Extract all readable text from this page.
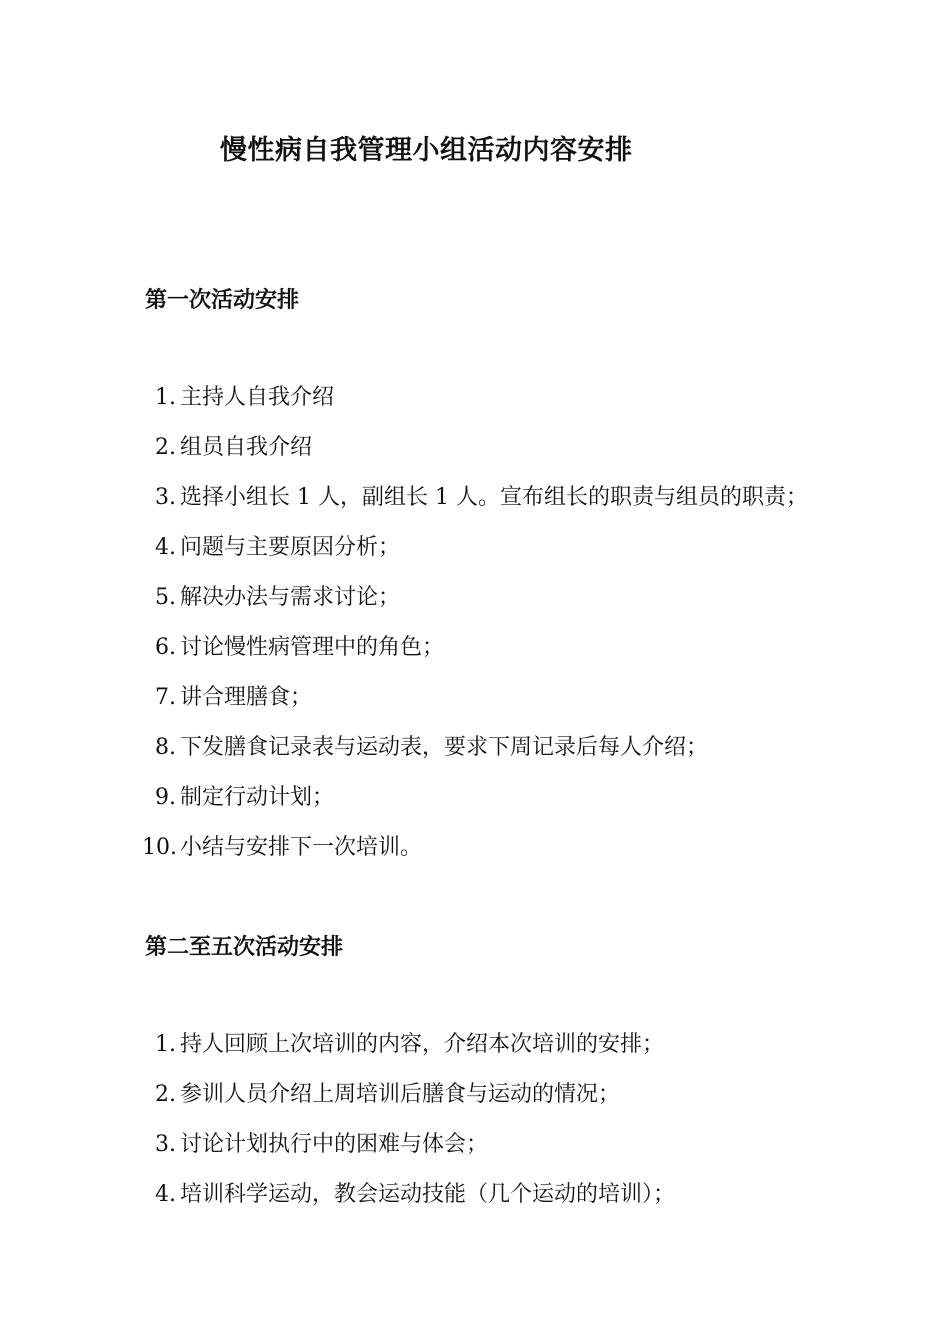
慢性病自我管理小组活动内容安排
第一次活动安排
1. 主持人自我介绍
2. 组员自我介绍
3. 选择小组长 1 人，副组长 1 人。宣布组长的职责与组员的职责；
4. 问题与主要原因分析；
5. 解决办法与需求讨论；
6. 讨论慢性病管理中的角色；
7. 讲合理膳食；
8. 下发膳食记录表与运动表，要求下周记录后每人介绍；
9. 制定行动计划；
10. 小结与安排下一次培训。
第二至五次活动安排
1. 持人回顾上次培训的内容，介绍本次培训的安排；
2. 参训人员介绍上周培训后膳食与运动的情况；
3. 讨论计划执行中的困难与体会；
4. 培训科学运动，教会运动技能（几个运动的培训）；
